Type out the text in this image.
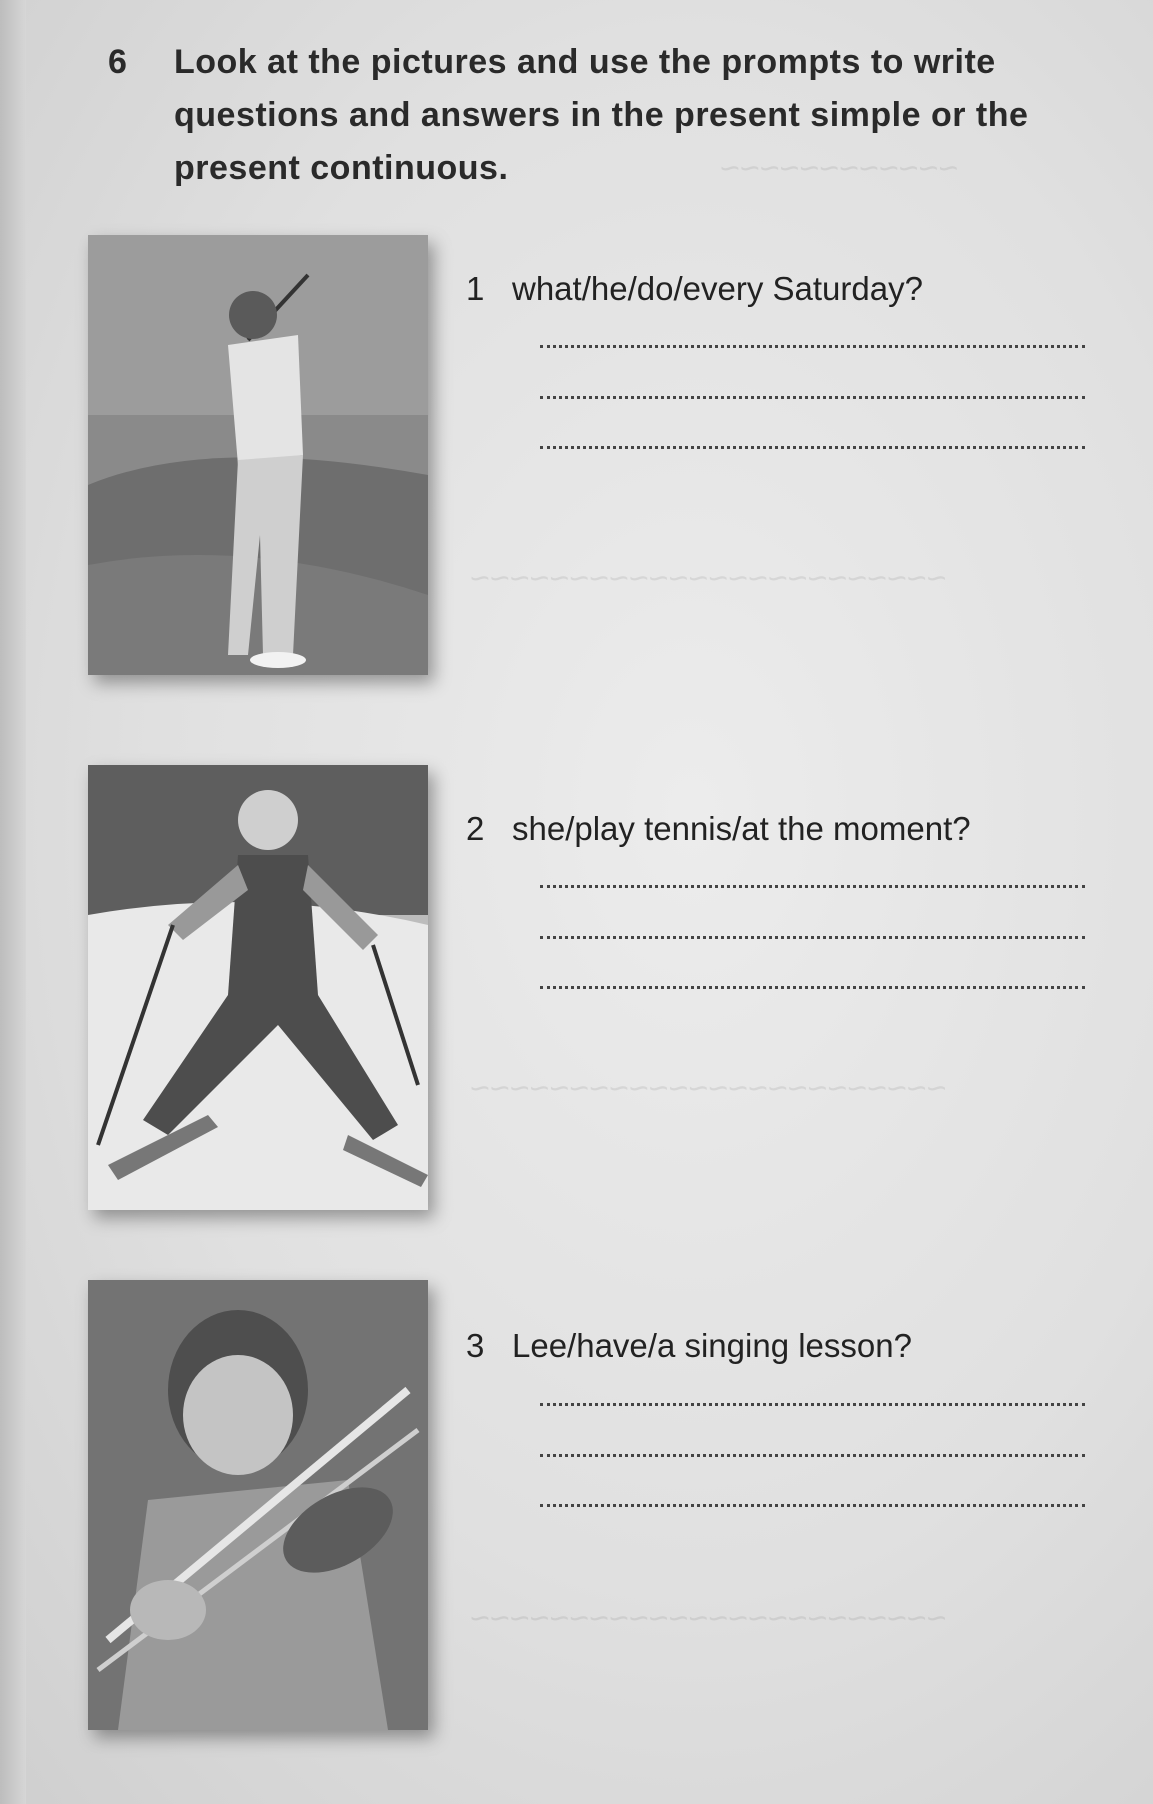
~~~~~~~~~~~~
~~~~~~~~~~~~~~~~~~~~~~~~
~~~~~~~~~~~~~~~~~~~~~~~~
~~~~~~~~~~~~~~~~~~~~~~~~
6 Look at the pictures and use the prompts to write questions and answers in the present simple or the present continuous.
1 what/he/do/every Saturday?
2 she/play tennis/at the moment?
3 Lee/have/a singing lesson?
